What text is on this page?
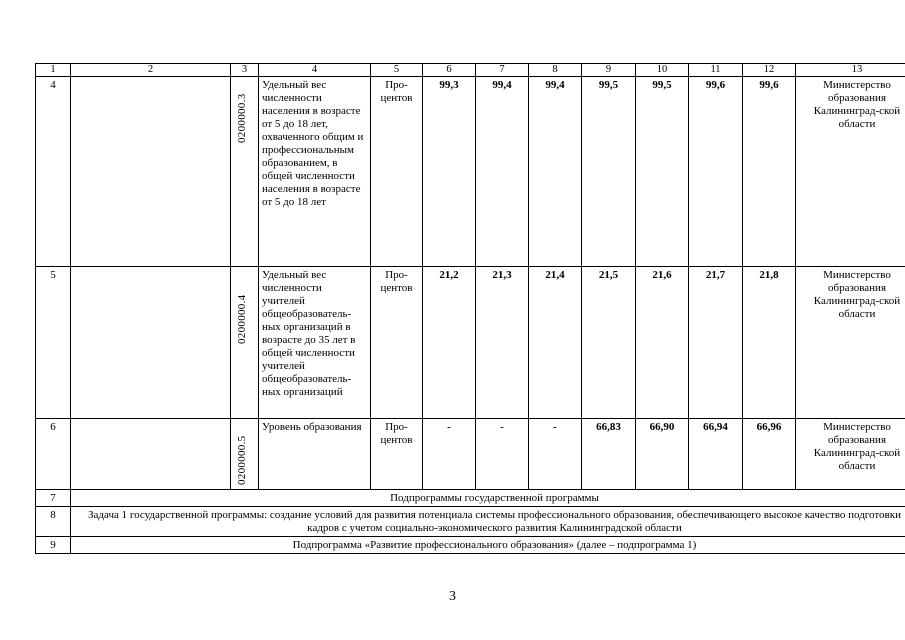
1	2	3	4	5	6	7	8	9	10	11	12	13
4		0200000.3	Удельный вес численности населения в возрасте от 5 до 18 лет, охваченного общим и профессиональным образованием, в общей численности населения в возрасте от 5 до 18 лет	Про-центов	99,3	99,4	99,4	99,5	99,5	99,6	99,6	Министерство образования Калининград-ской области
5		0200000.4	Удельный вес численности учителей общеобразователь-ных организаций в возрасте до 35 лет в общей численности учителей общеобразователь-ных организаций	Про-центов	21,2	21,3	21,4	21,5	21,6	21,7	21,8	Министерство образования Калининград-ской области
6		0200000.5	Уровень образования	Про-центов	-	-	-	66,83	66,90	66,94	66,96	Министерство образования Калининград-ской области
7	Подпрограммы государственной программы											
8	Задача 1 государственной программы: создание условий для развития потенциала системы профессионального образования, обеспечивающего высокое качество подготовки кадров с учетом социально-экономического развития Калининградской области											
9	Подпрограмма «Развитие профессионального образования» (далее – подпрограмма 1)											
3
